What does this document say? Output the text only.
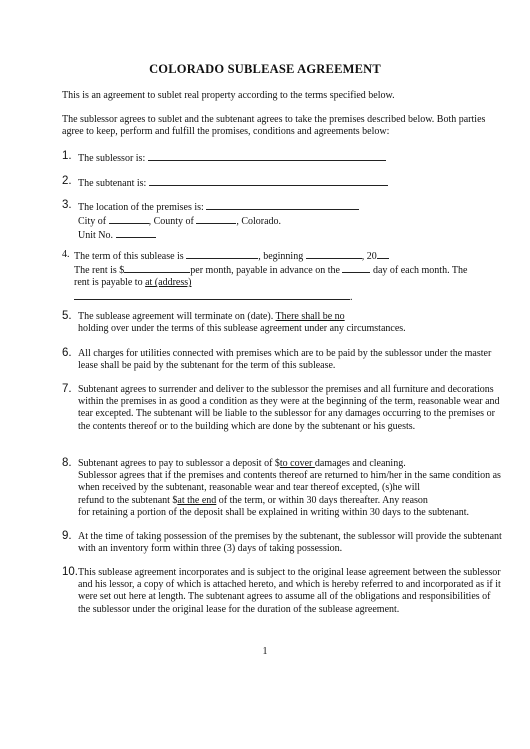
COLORADO SUBLEASE AGREEMENT
This is an agreement to sublet real property according to the terms specified below.
The sublessor agrees to sublet and the subtenant agrees to take the premises described below. Both parties agree to keep, perform and fulfill the promises, conditions and agreements below:
1. The sublessor is:
2. The subtenant is:
3. The location of the premises is:
City of	, County of	, Colorado.
Unit No.
4. The term of this sublease is	, beginning	, 20
The rent is $	per month, payable in advance on the	day of each month. The
rent is payable to at (address)
.
5. The sublease agreement will terminate on (date). There shall be no
holding over under the terms of this sublease agreement under any circumstances.
6. All charges for utilities connected with premises which are to be paid by the sublessor under the master lease shall be paid by the subtenant for the term of this sublease.
7. Subtenant agrees to surrender and deliver to the sublessor the premises and all furniture and decorations within the premises in as good a condition as they were at the beginning of the term, reasonable wear and tear excepted. The subtenant will be liable to the sublessor for any damages occurring to the premises or the contents thereof or to the building which are done by the subtenant or his guests.
8. Subtenant agrees to pay to sublessor a deposit of $to cover damages and cleaning.
Sublessor agrees that if the premises and contents thereof are returned to him/her in the same condition as when received by the subtenant, reasonable wear and tear thereof excepted, (s)he will
refund to the subtenant $at the end of the term, or within 30 days thereafter. Any reason
for retaining a portion of the deposit shall be explained in writing within 30 days to the subtenant.
9. At the time of taking possession of the premises by the subtenant, the sublessor will provide the subtenant with an inventory form within three (3) days of taking possession.
10. This sublease agreement incorporates and is subject to the original lease agreement between the sublessor and his lessor, a copy of which is attached hereto, and which is hereby referred to and incorporated as if it were set out here at length. The subtenant agrees to assume all of the obligations and responsibilities of the sublessor under the original lease for the duration of the sublease agreement.
1
